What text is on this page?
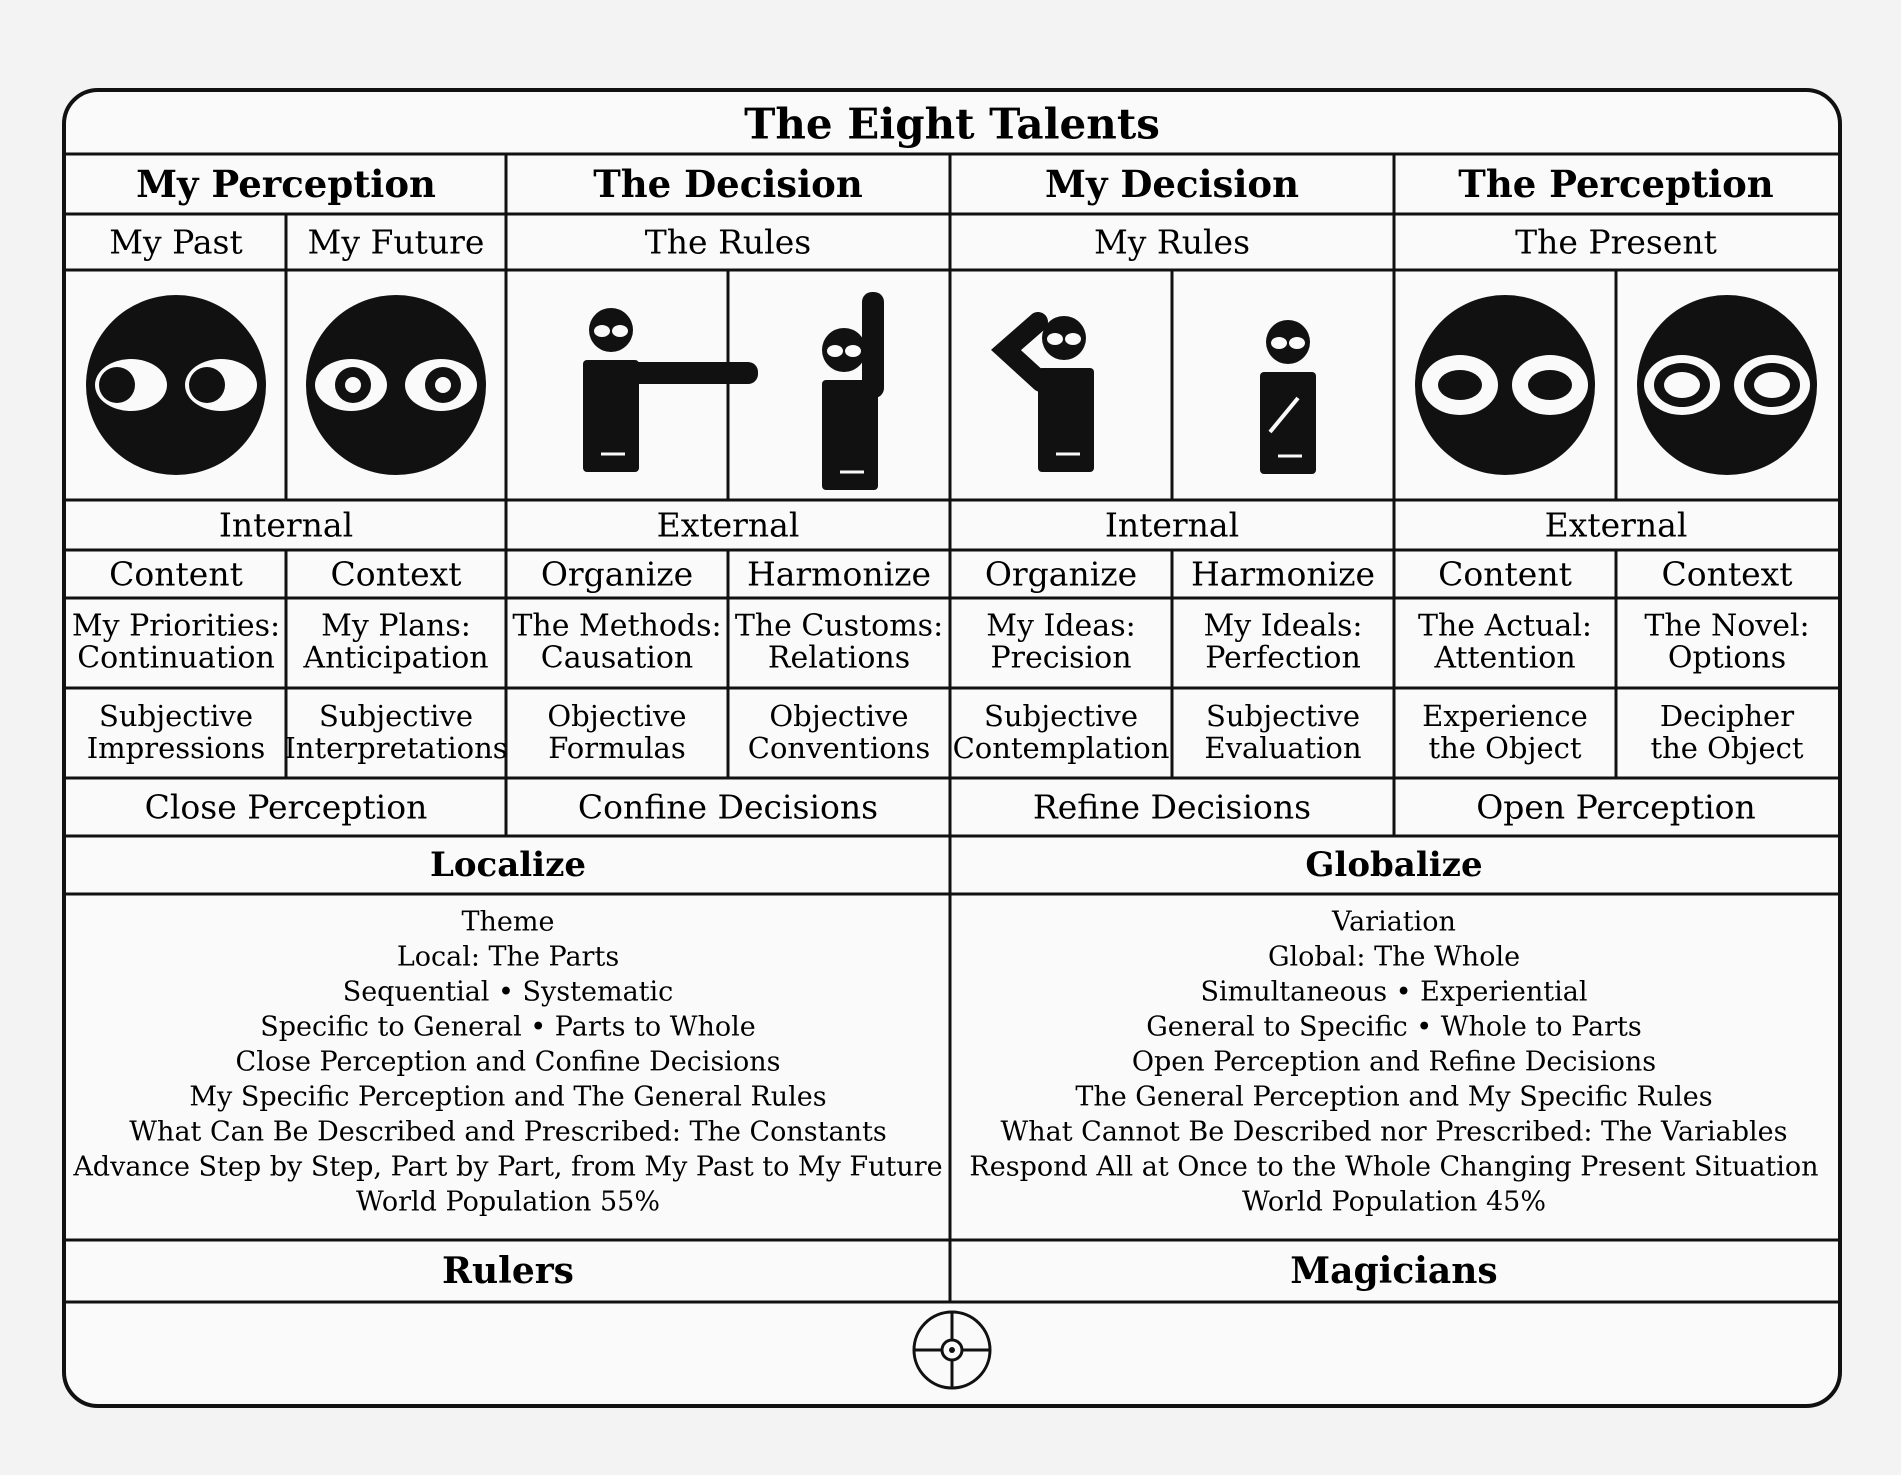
The Eight Talents
My Perception
My Past My Future
Internal
Content	Context
My Priorities:
Continuation
Subjective
Impressions
My Plans:
Anticipation
Subjective
Interpretations
Close Perception
The Decision
The Rules
External
Organize Harmonize
The Methods:
Causation
Objective
Formulas
The Customs:
Relations
Objective
Conventions
Confine Decisions
My Decision
My Rules
Internal
Organize Harmonize
My Ideas:
Precision
Subjective
Contemplation
My Ideals:
Perfection
Subjective
Evaluation
Refine Decisions
The Perception
The Present
External
Content	Context
The Actual:
Attention
Experience
the Object
The Novel:
Options
Decipher
the Object
Open Perception
Localize
Theme
Local: The Parts
Sequential • Systematic
Specific to General • Parts to Whole
Close Perception and Confine Decisions
My Specific Perception and The General Rules
What Can Be Described and Prescribed: The Constants
Advance Step by Step, Part by Part, from My Past to My Future
World Population 55%
Rulers
Globalize
Variation
Global: The Whole
Simultaneous • Experiential
General to Specific • Whole to Parts
Open Perception and Refine Decisions
The General Perception and My Specific Rules
What Cannot Be Described nor Prescribed: The Variables
Respond All at Once to the Whole Changing Present Situation
World Population 45%
Magicians
